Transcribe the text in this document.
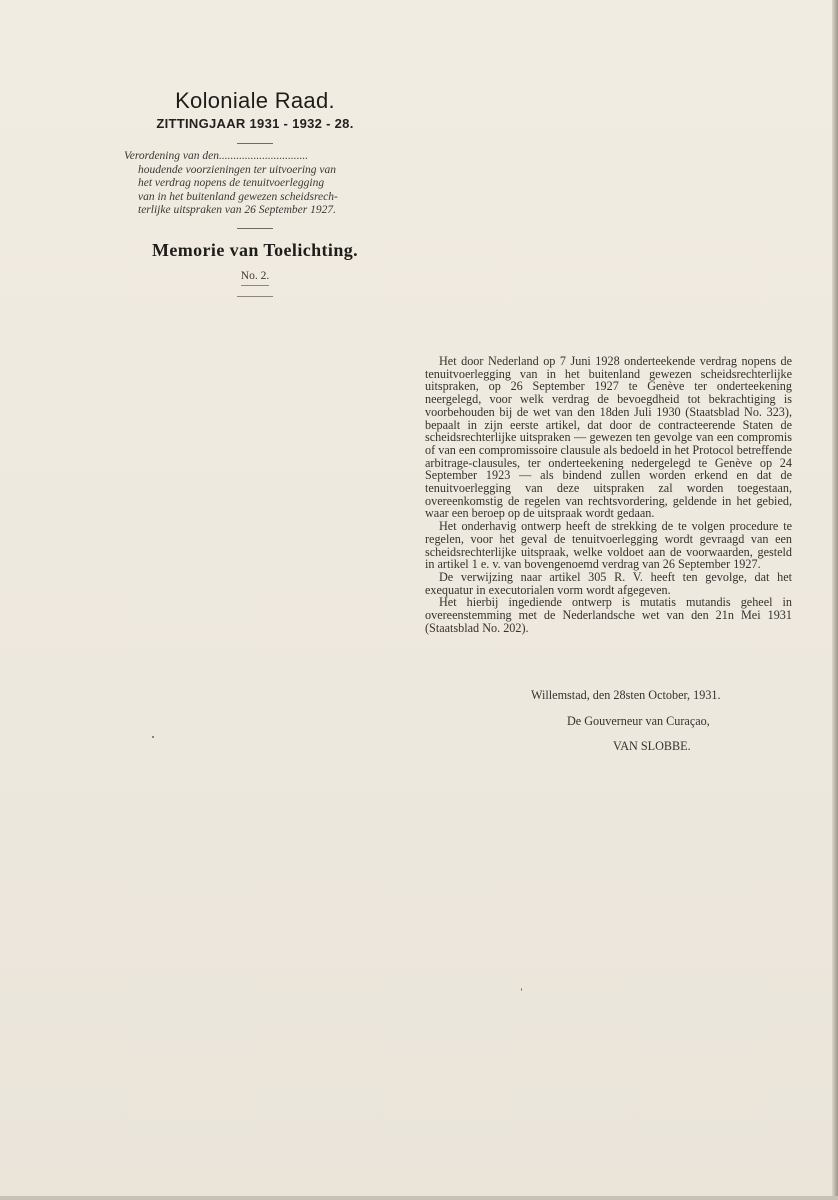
Koloniale Raad.
ZITTINGJAAR 1931 - 1932 - 28.
Verordening van den...............................
houdende voorzieningen ter uitvoering van
het verdrag nopens de tenuitvoerlegging
van in het buitenland gewezen scheidsrech-
terlijke uitspraken van 26 September 1927.
Memorie van Toelichting.
No. 2.

Het door Nederland op 7 Juni 1928 onderteekende verdrag nopens de tenuitvoerlegging van in het buitenland gewezen scheidsrechterlijke uitspraken, op 26 September 1927 te Genève ter onderteekening neergelegd, voor welk verdrag de bevoegdheid tot bekrachtiging is voorbehouden bij de wet van den 18den Juli 1930 (Staatsblad No. 323), bepaalt in zijn eerste artikel, dat door de contracteerende Staten de scheidsrechterlijke uitspraken — gewezen ten gevolge van een compromis of van een compromissoire clausule als bedoeld in het Protocol betreffende arbitrage-clausules, ter onderteekening nedergelegd te Genève op 24 September 1923 — als bindend zullen worden erkend en dat de tenuitvoerlegging van deze uitspraken zal worden toegestaan, overeenkomstig de regelen van rechtsvordering, geldende in het gebied, waar een beroep op de uitspraak wordt gedaan.

Het onderhavig ontwerp heeft de strekking de te volgen procedure te regelen, voor het geval de tenuitvoerlegging wordt gevraagd van een scheidsrechterlijke uitspraak, welke voldoet aan de voorwaarden, gesteld in artikel 1 e. v. van bovengenoemd verdrag van 26 September 1927.

De verwijzing naar artikel 305 R. V. heeft ten gevolge, dat het exequatur in executorialen vorm wordt afgegeven.

Het hierbij ingediende ontwerp is mutatis mutandis geheel in overeenstemming met de Nederlandsche wet van den 21n Mei 1931 (Staatsblad No. 202).

Willemstad, den 28sten October, 1931.
De Gouverneur van Curaçao,
VAN SLOBBE.
